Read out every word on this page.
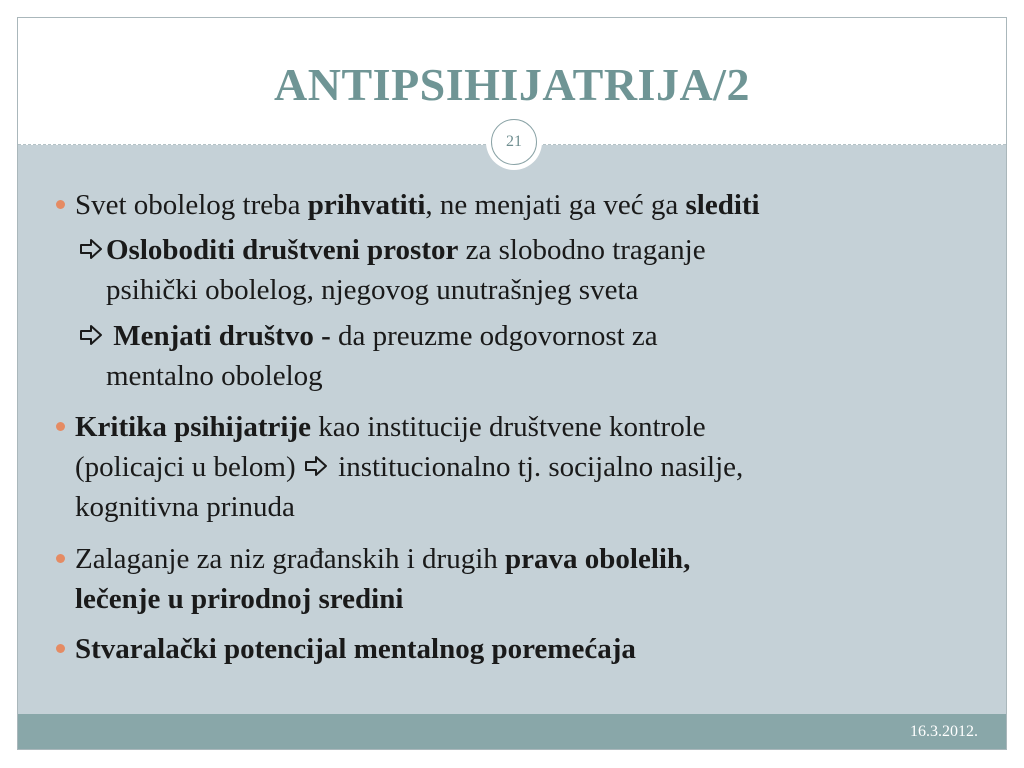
ANTIPSIHIJATRIJA/2
Svet obolelog treba prihvatiti, ne menjati ga već ga slediti
Osloboditi društveni prostor za slobodno traganje
psihički obolelog, njegovog unutrašnjeg sveta
Menjati društvo - da preuzme odgovornost za
mentalno obolelog
Kritika psihijatrije kao institucije društvene kontrole
(policajci u belom)  institucionalno tj. socijalno nasilje,
kognitivna prinuda
Zalaganje za niz građanskih i drugih prava obolelih,
lečenje u prirodnoj sredini
Stvaralački potencijal mentalnog poremećaja
21
16.3.2012.
